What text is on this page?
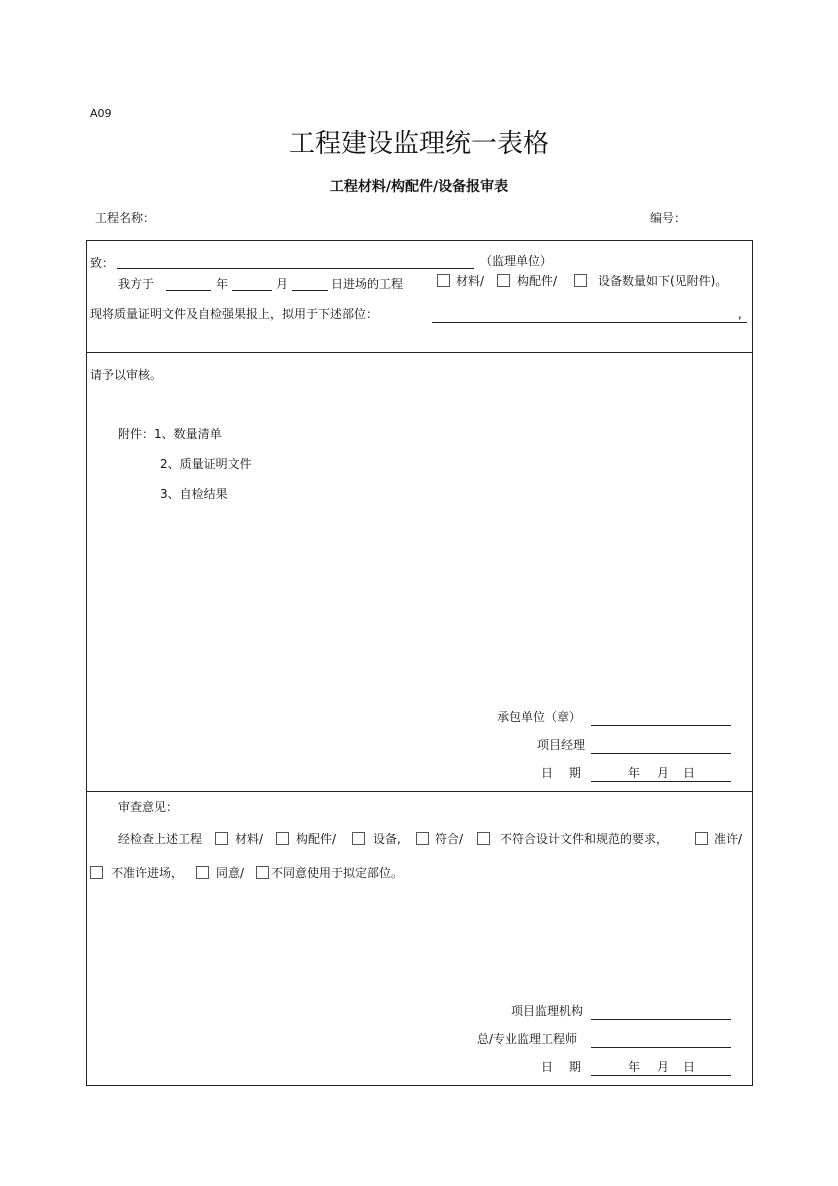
A09
工程建设监理统一表格
工程材料/构配件/设备报审表
工程名称：	编号：
致：	（监理单位）
我方于	年	月	日进场的工程	材料/	构配件/	设备数量如下(见附件)。
现将质量证明文件及自检强果报上，拟用于下述部位：	,
请予以审核。
附件：1、数量清单
2、质量证明文件
3、自检结果
承包单位（章）
项目经理
日　 期	年 月 日
审查意见：
经检查上述工程	材料/	构配件/	设备,	符合/	不符合设计文件和规范的要求，	准许/
不准许进场，	同意/ 不同意使用于拟定部位。
项目监理机构
总/专业监理工程师
日　 期	年 月 日
